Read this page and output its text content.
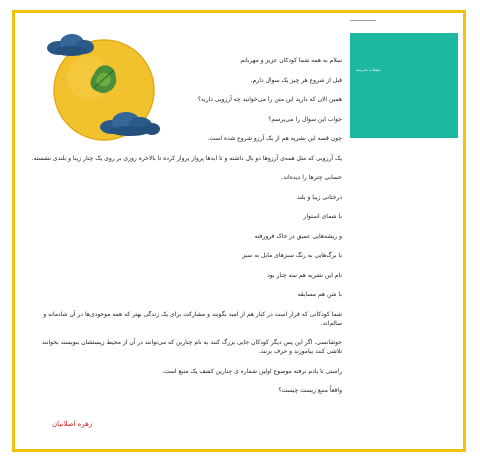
تبلیغات مدرسه

سلام به همه شما کودکان عزیز و مهربانم

قبل از شروع هر چیز یک سوال دارم.

همین الان که دارید این متن را می‌خوانید چه آرزویی دارید؟

جواب این سوال را می‌پرسم؟

چون قصه این نشریه هم از یک آرزو شروع شده است.

یک آرزویی که مثل همه‌ی آرزوها دو بال داشته و تا ابدها پرواز پرواز کرده تا بالاخره روزی بر روی یک چنار زیبا و بلندی نشسته.

حسابی چترها را دیده‌اند.

درختانی زیبا و بلند

با شمای استوار

و ریشه‌هایی عمیق در خاک فرورفته

با برگ‌هایی به رنگ سبزهای مایل به سبز

نام این نشریه هم سه چنار بود

با شن هم مسابقه

شما کودکانی که قرار است در کنار هم از امید بگویند و مشارکت برای یک زندگی بهتر که همه موجودی‌ها در آن شادمانه و سالم‌اند.

جوشانسی. اگر این پس دیگر کودکان جایی بزرگ کنند به نام چنارین که می‌توانند در آن از محیط زیستشان بنویسند بخوانند تلاشی کنند بیاموزند و حرف بزنند.

راستی تا یادم نرفته موضوع اولین شماره ی چنارین کشف یک منبع است.

واقعاً منبع زیست چیست؟

زهره اصلانیان
